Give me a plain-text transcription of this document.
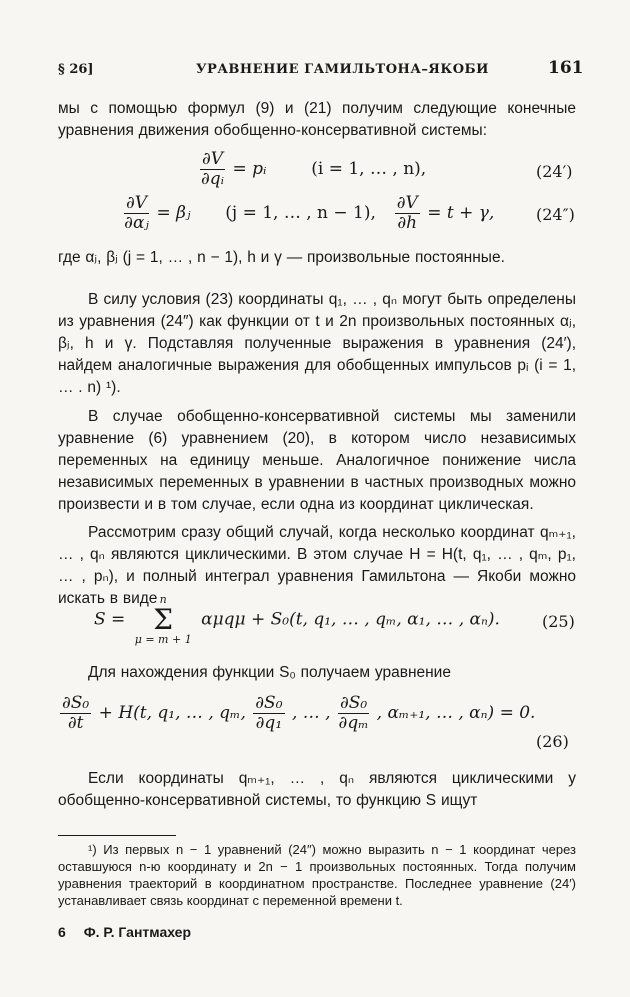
§ 26]	УРАВНЕНИЕ ГАМИЛЬТОНА–ЯКОБИ	161
мы с помощью формул (9) и (21) получим следующие конечные уравнения движения обобщенно-консервативной системы:
$\frac{\partial V}{\text{∂qᵢ}}$ = pᵢ	(i = 1, … , n),	(24′)
$\frac{\partial V}{\text{∂αⱼ}}$ = βⱼ (j = 1, … , n − 1), $\frac{\partial V}{\partial h} = t + \gamma$,	(24″)
где αⱼ, βⱼ (j = 1, … , n − 1), h и γ — произвольные постоянные.
В силу условия (23) координаты q₁, … , qₙ могут быть определены из уравнения (24″) как функции от t и 2n произвольных постоянных αⱼ, βⱼ, h и γ. Подставляя полученные выражения в уравнения (24′), найдем аналогичные выражения для обобщенных импульсов pᵢ (i = 1, … . n) ¹).
В случае обобщенно-консервативной системы мы заменили уравнение (6) уравнением (20), в котором число независимых переменных на единицу меньше. Аналогичное понижение числа независимых переменных в уравнении в частных производных можно произвести и в том случае, если одна из координат циклическая.
Рассмотрим сразу общий случай, когда несколько координат qₘ₊₁, … , qₙ являются циклическими. В этом случае H = H(t, q₁, … , qₘ, p₁, … , pₙ), и полный интеграл уравнения Гамильтона — Якоби можно искать в виде
S =
n
Σ
μ = m + 1
αμqμ + S₀(t, q₁, … , qₘ, α₁, … , αₙ).	(25)
Для нахождения функции S₀ получаем уравнение
$\frac{\text{∂S₀}}{\partial t} + H(t$, q₁, … , qₘ, $\frac{\text{∂S₀}}{\text{∂q₁}}$ , … , $\frac{\text{∂S₀}}{\text{∂qₘ}}$ , αₘ₊₁, … , αₙ) = 0.
(26)
Если координаты qₘ₊₁, … , qₙ являются циклическими у обобщенно-консервативной системы, то функцию S ищут
¹) Из первых n − 1 уравнений (24″) можно выразить n − 1 координат через оставшуюся n-ю координату и 2n − 1 произвольных постоянных. Тогда получим уравнения траекторий в координатном пространстве. Последнее уравнение (24′) устанавливает связь координат с переменной времени t.
6 Ф. Р. Гантмахер
